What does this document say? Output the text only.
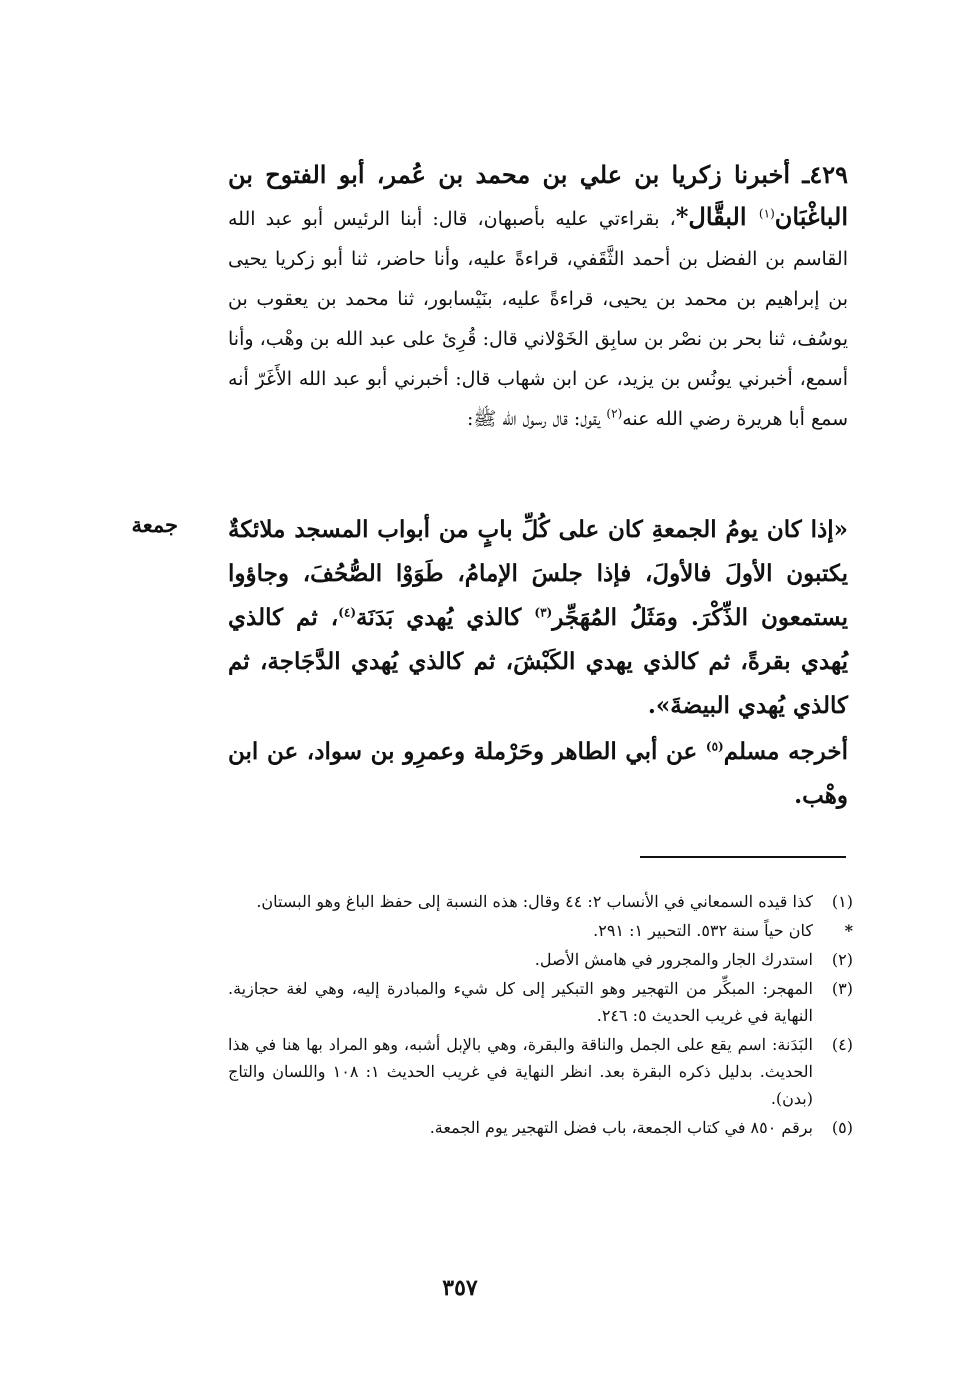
٤٢٩ـ أخبرنا زكريا بن علي بن محمد بن عُمر، أبو الفتوح بن الباغْبَان$^{(١)}$ البقَّال*، بقراءتي عليه بأصبهان، قال: أبنا الرئيس أبو عبد الله القاسم بن الفضل بن أحمد الثَّقَفي، قراءةً عليه، وأنا حاضر، ثنا أبو زكريا يحيى بن إبراهيم بن محمد بن يحيى، قراءةً عليه، بنَيْسابور، ثنا محمد بن يعقوب بن يوسُف، ثنا بحر بن نصْر بن سابِق الخَوْلاني قال: قُرِئ على عبد الله بن وهْب، وأنا أسمع، أخبرني يونُس بن يزيد، عن ابن شهاب قال: أخبرني أبو عبد الله الأَغَرّ أنه سمع أبا هريرة رضي الله عنه$^{(٢)}$ يقول: قال رسول الله ﷺ:

جمعة «إذا كان يومُ الجمعةِ كان على كُلِّ بابٍ من أبواب المسجد ملائكةٌ يكتبون الأولَ فالأولَ، فإذا جلسَ الإمامُ، طَوَوْا الصُّحُفَ، وجاؤوا يستمعون الذِّكْرَ. ومَثَلُ المُهَجِّر$^{(٣)}$ كالذي يُهدي بَدَنَة$^{(٤)}$، ثم كالذي يُهدي بقرةً، ثم كالذي يهدي الكَبْشَ، ثم كالذي يُهدي الدَّجَاجة، ثم كالذي يُهدي البيضةَ».

أخرجه مسلم$^{(٥)}$ عن أبي الطاهر وحَرْملة وعمرِو بن سواد، عن ابن وهْب.

(١)
كذا قيده السمعاني في الأنساب ٢: ٤٤ وقال: هذه النسبة إلى حفظ الباغ وهو البستان.
*
كان حياً سنة ٥٣٢. التحبير ١: ٢٩١.
(٢)
استدرك الجار والمجرور في هامش الأصل.
(٣)
المهجر: المبكِّر من التهجير وهو التبكير إلى كل شيء والمبادرة إليه، وهي لغة حجازية. النهاية في غريب الحديث ٥: ٢٤٦.
(٤)
البَدَنة: اسم يقع على الجمل والناقة والبقرة، وهي بالإبل أشبه، وهو المراد بها هنا في هذا الحديث. بدليل ذكره البقرة بعد. انظر النهاية في غريب الحديث ١: ١٠٨ واللسان والتاج (بدن).
(٥)
برقم ٨٥٠ في كتاب الجمعة، باب فضل التهجير يوم الجمعة.
٣٥٧
